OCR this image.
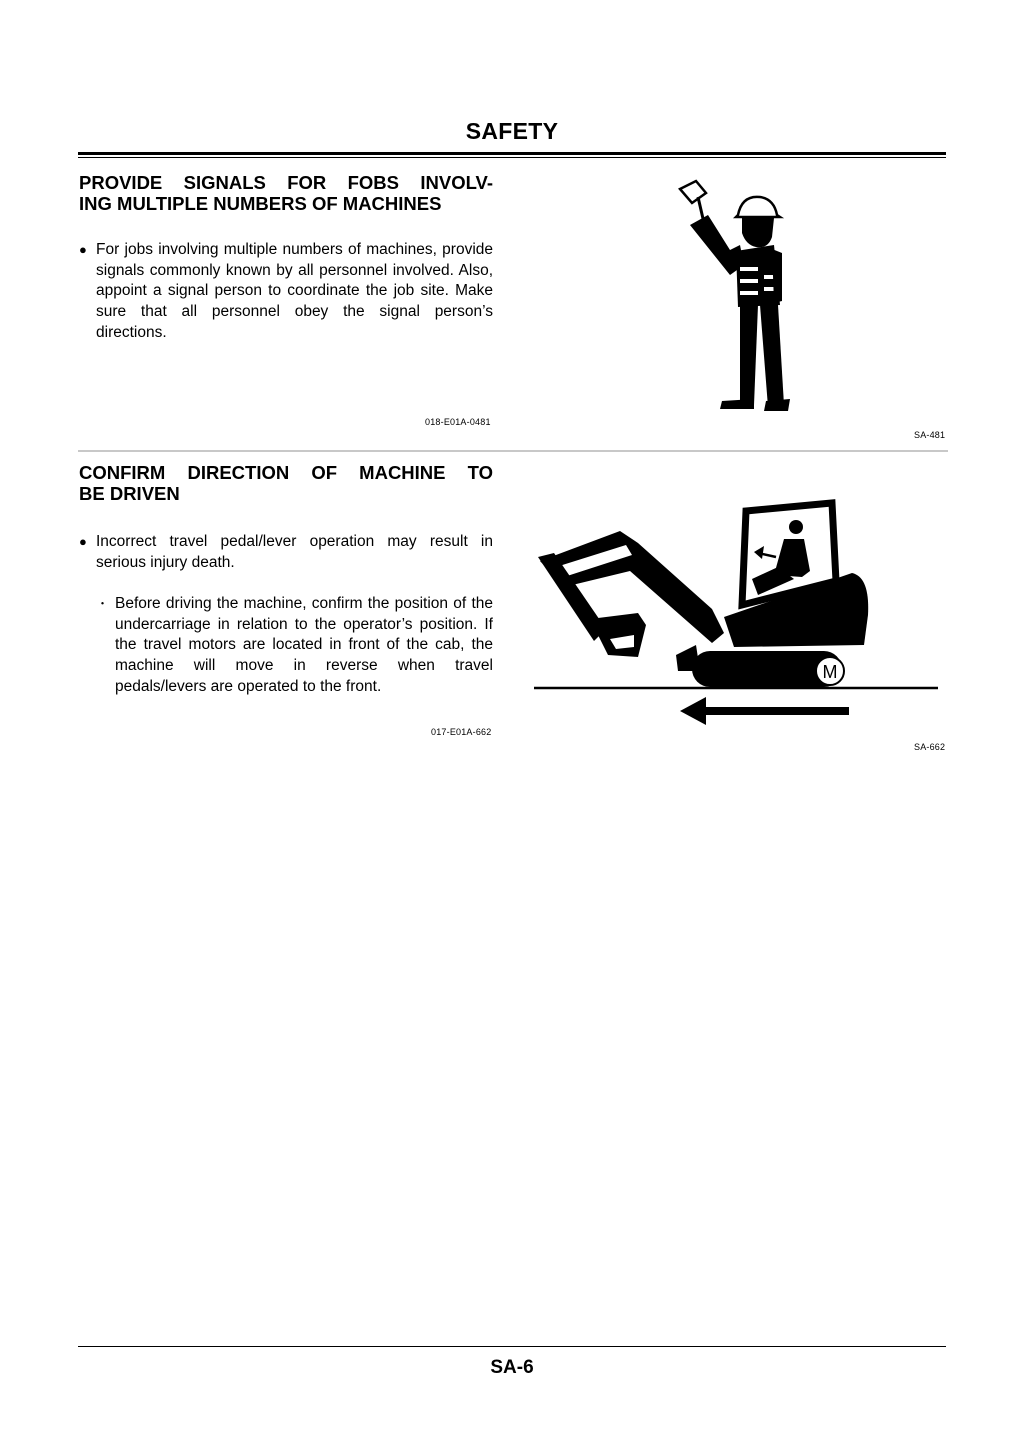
SAFETY
PROVIDE SIGNALS FOR FOBS INVOLV-
ING MULTIPLE NUMBERS OF MACHINES
● For jobs involving multiple numbers of machines, provide signals commonly known by all personnel involved. Also, appoint a signal person to coordinate the job site. Make sure that all personnel obey the signal person’s directions.
018-E01A-0481
SA-481
CONFIRM DIRECTION OF MACHINE TO
BE DRIVEN
● Incorrect travel pedal/lever operation may result in serious injury death.
・ Before driving the machine, confirm the position of the undercarriage in relation to the operator’s position. If the travel motors are located in front of the cab, the machine will move in reverse when travel pedals/levers are operated to the front.
017-E01A-662
M
SA-662
SA-6
